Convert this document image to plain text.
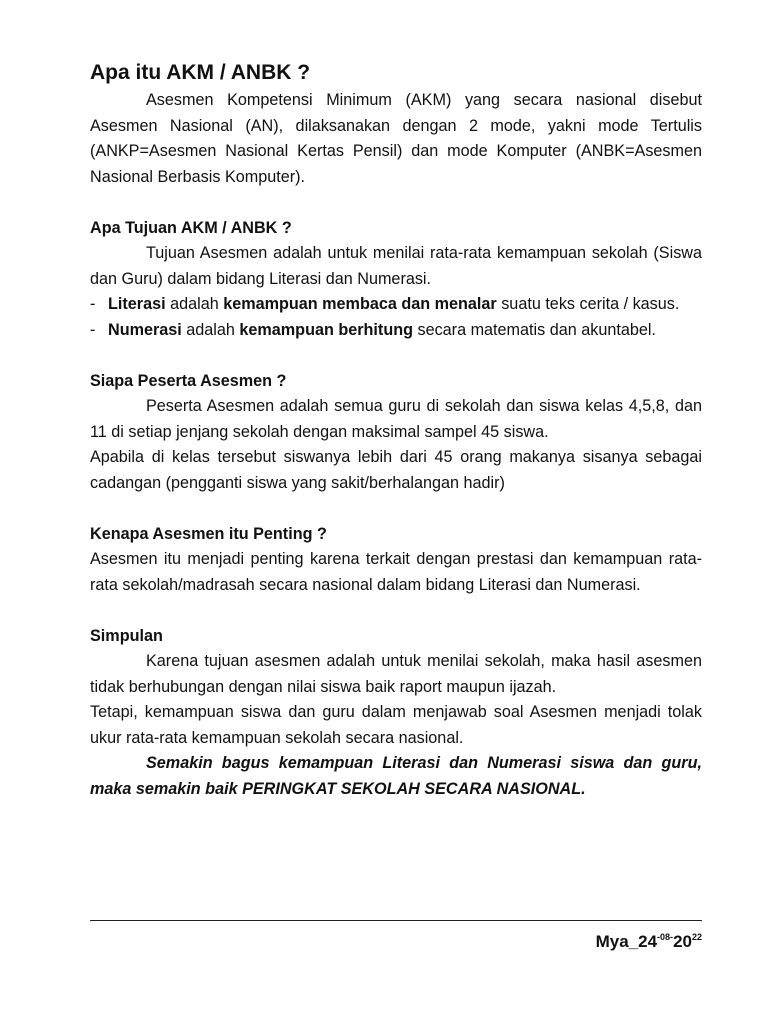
Apa itu AKM / ANBK ?

Asesmen Kompetensi Minimum (AKM) yang secara nasional disebut Asesmen Nasional (AN), dilaksanakan dengan 2 mode, yakni mode Tertulis (ANKP=Asesmen Nasional Kertas Pensil) dan mode Komputer (ANBK=Asesmen Nasional Berbasis Komputer).

Apa Tujuan AKM / ANBK ?

Tujuan Asesmen adalah untuk menilai rata-rata kemampuan sekolah (Siswa dan Guru) dalam bidang Literasi dan Numerasi.

- Literasi adalah kemampuan membaca dan menalar suatu teks cerita / kasus.
- Numerasi adalah kemampuan berhitung secara matematis dan akuntabel.

Siapa Peserta Asesmen ?

Peserta Asesmen adalah semua guru di sekolah dan siswa kelas 4,5,8, dan 11 di setiap jenjang sekolah dengan maksimal sampel 45 siswa.

Apabila di kelas tersebut siswanya lebih dari 45 orang makanya sisanya sebagai cadangan (pengganti siswa yang sakit/berhalangan hadir)

Kenapa Asesmen itu Penting ?

Asesmen itu menjadi penting karena terkait dengan prestasi dan kemampuan rata-rata sekolah/madrasah secara nasional dalam bidang Literasi dan Numerasi.

Simpulan

Karena tujuan asesmen adalah untuk menilai sekolah, maka hasil asesmen tidak berhubungan dengan nilai siswa baik raport maupun ijazah.

Tetapi, kemampuan siswa dan guru dalam menjawab soal Asesmen menjadi tolak ukur rata-rata kemampuan sekolah secara nasional.

Semakin bagus kemampuan Literasi dan Numerasi siswa dan guru, maka semakin baik PERINGKAT SEKOLAH SECARA NASIONAL.

$Mya\_24^{-08-}20^{22}$
